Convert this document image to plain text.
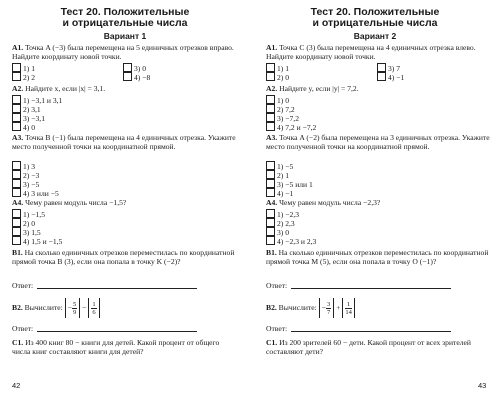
Тест 20. Положительные
и отрицательные числа
Вариант 1
А1. Точка A (−3) была перемещена на 5 единичных отрезков вправо. Найдите координату новой точки.
1) 1
2) 2
3) 0
4) −8
А2. Найдите x, если |x| = 3,1.
1) −3,1 и 3,1
2) 3,1
3) −3,1
4) 0
А3. Точка B (−1) была перемещена на 4 единичных отрезка. Укажите место полученной точки на координатной прямой.
1) 3
2) −3
3) −5
4) 3 или −5
А4. Чему равен модуль числа −1,5?
1) −1,5
2) 0
3) 1,5
4) 1,5 и −1,5
В1. На сколько единичных отрезков переместилась по координатной прямой точка B (3), если она попала в точку K (−2)?
Ответ:
В2. Вычислите: − $\frac{5}{9} - \frac{1}{6}$
Ответ:
С1. Из 400 книг 80 − книги для детей. Какой процент от общего числа книг составляют книги для детей?
42
Тест 20. Положительные
и отрицательные числа
Вариант 2
А1. Точка C (3) была перемещена на 4 единичных отрезка влево. Найдите координату новой точки.
1) 1
2) 0
3) 7
4) −1
А2. Найдите y, если |y| = 7,2.
1) 0
2) 7,2
3) −7,2
4) 7,2 и −7,2
А3. Точка A (−2) была перемещена на 3 единичных отрезка. Укажите место полученной точки на координатной прямой.
1) −5
2) 1
3) −5 или 1
4) −1
А4. Чему равен модуль числа −2,3?
1) −2,3
2) 2,3
3) 0
4) −2,3 и 2,3
В1. На сколько единичных отрезков переместилась по координатной прямой точка M (5), если она попала в точку O (−1)?
Ответ:
В2. Вычислите: − $\frac{3}{7} + \frac{1}{14}$
Ответ:
С1. Из 200 зрителей 60 − дети. Какой процент от всех зрителей составляют дети?
43
